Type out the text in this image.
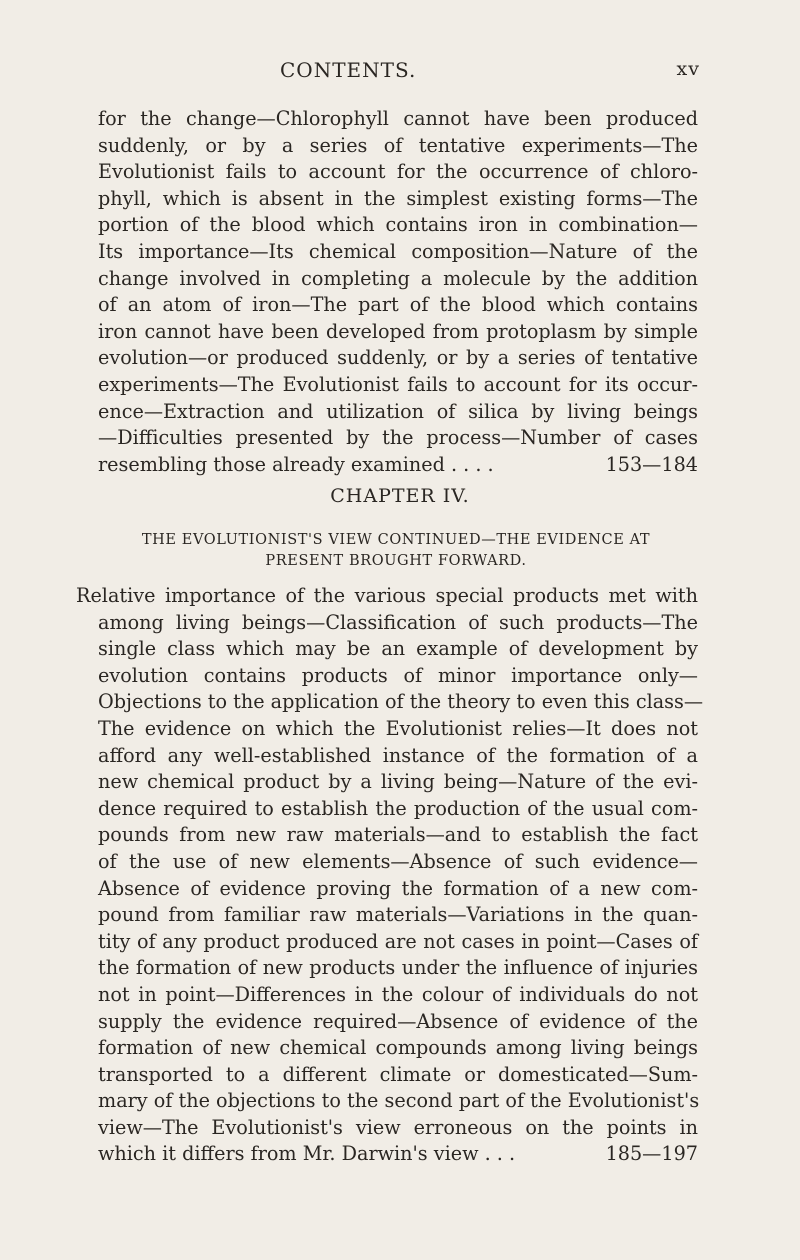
CONTENTS.	xv
for the change—Chlorophyll cannot have been produced
suddenly, or by a series of tentative experiments—The
Evolutionist fails to account for the occurrence of chloro-
phyll, which is absent in the simplest existing forms—The
portion of the blood which contains iron in combination—
Its importance—Its chemical composition—Nature of the
change involved in completing a molecule by the addition
of an atom of iron—The part of the blood which contains
iron cannot have been developed from protoplasm by simple
evolution—or produced suddenly, or by a series of tentative
experiments—The Evolutionist fails to account for its occur-
ence—Extraction and utilization of silica by living beings
—Difficulties presented by the process—Number of cases
resembling those already examined . . . .	153—184
CHAPTER IV.
THE EVOLUTIONIST'S VIEW CONTINUED—THE EVIDENCE AT
PRESENT BROUGHT FORWARD.
Relative importance of the various special products met with
among living beings—Classification of such products—The
single class which may be an example of development by
evolution contains products of minor importance only—
Objections to the application of the theory to even this class—
The evidence on which the Evolutionist relies—It does not
afford any well-established instance of the formation of a
new chemical product by a living being—Nature of the evi-
dence required to establish the production of the usual com-
pounds from new raw materials—and to establish the fact
of the use of new elements—Absence of such evidence—
Absence of evidence proving the formation of a new com-
pound from familiar raw materials—Variations in the quan-
tity of any product produced are not cases in point—Cases of
the formation of new products under the influence of injuries
not in point—Differences in the colour of individuals do not
supply the evidence required—Absence of evidence of the
formation of new chemical compounds among living beings
transported to a different climate or domesticated—Sum-
mary of the objections to the second part of the Evolutionist's
view—The Evolutionist's view erroneous on the points in
which it differs from Mr. Darwin's view . . .	185—197
